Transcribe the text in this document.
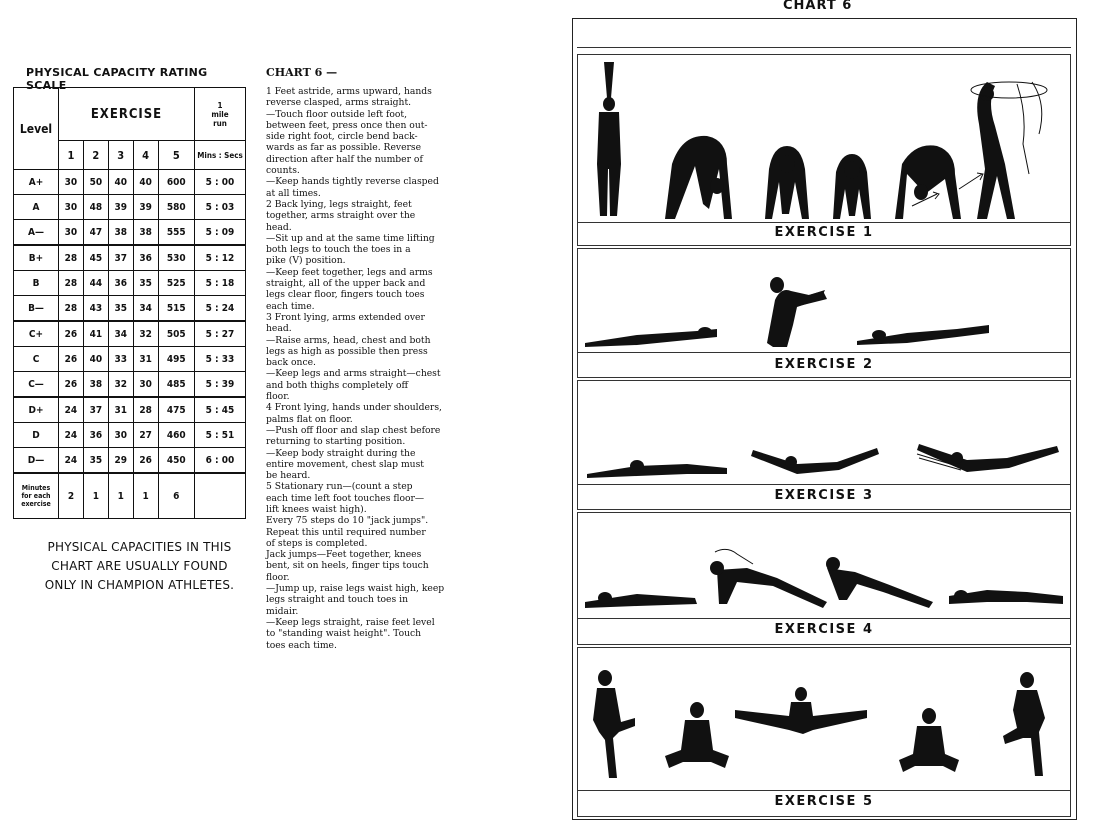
PHYSICAL CAPACITY RATING SCALE
Level	EXERCISE					1
mile
run
	1	2	3	4	5	Mins : Secs
A+	30	50	40	40	600	5 : 00
A	30	48	39	39	580	5 : 03
A—	30	47	38	38	555	5 : 09
B+	28	45	37	36	530	5 : 12
B	28	44	36	35	525	5 : 18
B—	28	43	35	34	515	5 : 24
C+	26	41	34	32	505	5 : 27
C	26	40	33	31	495	5 : 33
C—	26	38	32	30	485	5 : 39
D+	24	37	31	28	475	5 : 45
D	24	36	30	27	460	5 : 51
D—	24	35	29	26	450	6 : 00
Minutes
for each
exercise	2	1	1	1	6	
PHYSICAL CAPACITIES IN THIS
CHART ARE USUALLY FOUND
ONLY IN CHAMPION ATHLETES.
CHART 6 —
1 Feet astride, arms upward, hands
reverse clasped, arms straight.
—Touch floor outside left foot,
between feet, press once then out-
side right foot, circle bend back-
wards as far as possible. Reverse
direction after half the number of
counts.
—Keep hands tightly reverse clasped
at all times.
2 Back lying, legs straight, feet
together, arms straight over the
head.
—Sit up and at the same time lifting
both legs to touch the toes in a
pike (V) position.
—Keep feet together, legs and arms
straight, all of the upper back and
legs clear floor, fingers touch toes
each time.
3 Front lying, arms extended over
head.
—Raise arms, head, chest and both
legs as high as possible then press
back once.
—Keep legs and arms straight—chest
and both thighs completely off
floor.
4 Front lying, hands under shoulders,
palms flat on floor.
—Push off floor and slap chest before
returning to starting position.
—Keep body straight during the
entire movement, chest slap must
be heard.
5 Stationary run—(count a step
each time left foot touches floor—
lift knees waist high).
Every 75 steps do 10 "jack jumps".
Repeat this until required number
of steps is completed.
Jack jumps—Feet together, knees
bent, sit on heels, finger tips touch
floor.
—Jump up, raise legs waist high, keep
legs straight and touch toes in
midair.
—Keep legs straight, raise feet level
to "standing waist height". Touch
toes each time.
CHART 6
EXERCISE 1
EXERCISE 2
EXERCISE 3
EXERCISE 4
EXERCISE 5
